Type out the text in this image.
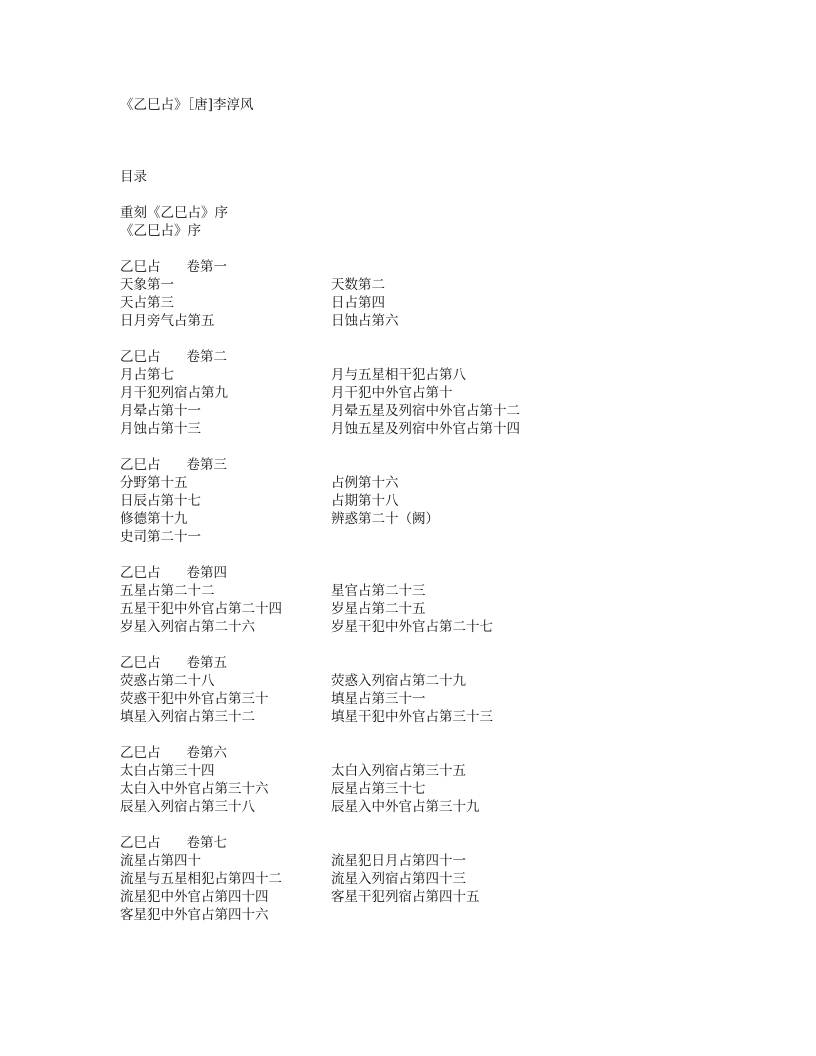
《乙巳占》［唐]李淳风
目录
重刻《乙巳占》序
《乙巳占》序
乙巳占 卷第一
天象第一	天数第二
天占第三	日占第四
日月旁气占第五	日蚀占第六
乙巳占 卷第二
月占第七	月与五星相干犯占第八
月干犯列宿占第九	月干犯中外官占第十
月晕占第十一	月晕五星及列宿中外官占第十二
月蚀占第十三	月蚀五星及列宿中外官占第十四
乙巳占 卷第三
分野第十五	占例第十六
日辰占第十七	占期第十八
修德第十九	辨惑第二十（阙）
史司第二十一
乙巳占 卷第四
五星占第二十二	星官占第二十三
五星干犯中外官占第二十四	岁星占第二十五
岁星入列宿占第二十六	岁星干犯中外官占第二十七
乙巳占 卷第五
荧惑占第二十八	荧惑入列宿占第二十九
荧惑干犯中外官占第三十	填星占第三十一
填星入列宿占第三十二	填星干犯中外官占第三十三
乙巳占 卷第六
太白占第三十四	太白入列宿占第三十五
太白入中外官占第三十六	辰星占第三十七
辰星入列宿占第三十八	辰星入中外官占第三十九
乙巳占 卷第七
流星占第四十	流星犯日月占第四十一
流星与五星相犯占第四十二	流星入列宿占第四十三
流星犯中外官占第四十四	客星干犯列宿占第四十五
客星犯中外官占第四十六
